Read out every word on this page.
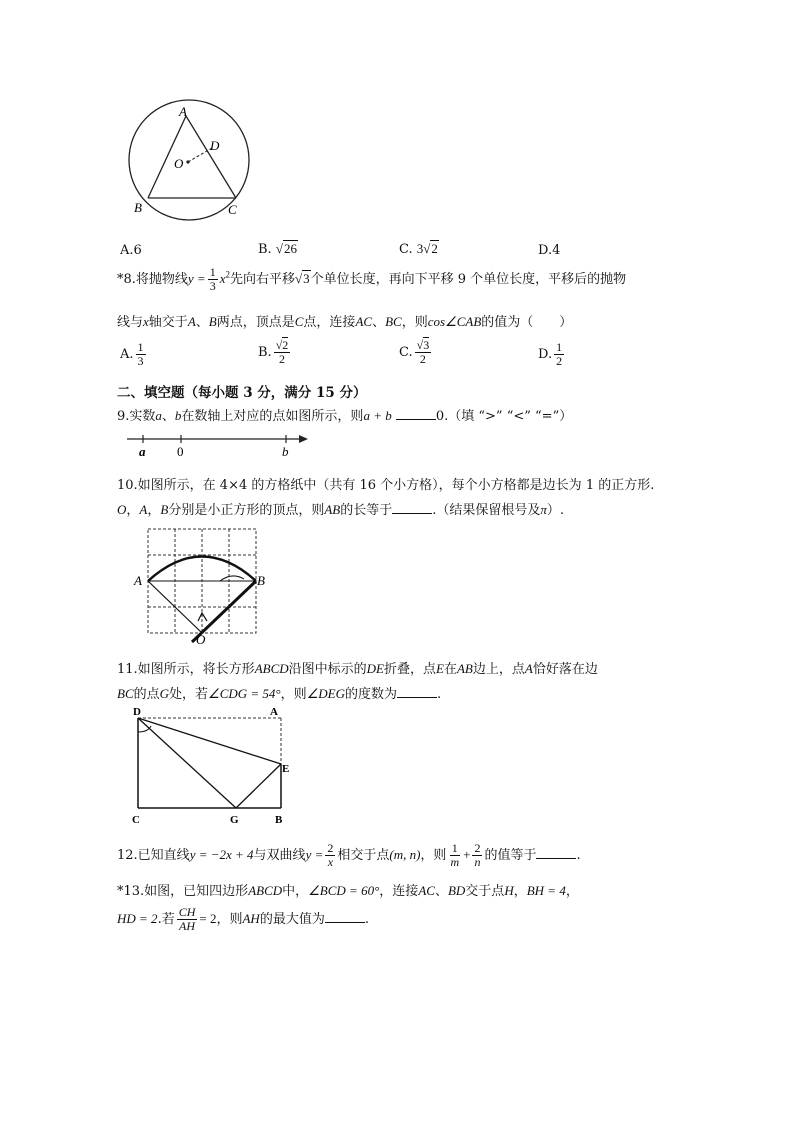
A
B	C
D
O
A.6	B. √26	C. 3√2	D.4
*8.将抛物线$y = \frac{1}{3} x^2$先向右平移√3个单位长度，再向下平移 9 个单位长度，平移后的抛物
线与x轴交于A、B两点，顶点是C点，连接AC、BC，则cos∠CAB的值为（　　）
A. $\frac{1}{3}$	B. $\frac{√2}{2}$	C. $\frac{√3}{2}$	D. $\frac{1}{2}$
二、填空题（每小题 3 分，满分 15 分）
9.实数a、b在数轴上对应的点如图所示，则a + b	0.（填 “>” “<” “=”）
a 0	b
10.如图所示，在 4×4 的方格纸中（共有 16 个小方格），每个小方格都是边长为 1 的正方形.
O，A，B分别是小正方形的顶点，则AB的长等于	.（结果保留根号及π）.
A	B
O
11.如图所示，将长方形ABCD沿图中标示的DE折叠，点E在AB边上，点A恰好落在边
BC的点G处，若∠CDG = 54°，则∠DEG的度数为	.
D	A
E
C	G	B
12.已知直线y = −2x + 4与双曲线$y = \frac{2}{x}$ 相交于点(m, n)，则 $\frac{1}{m} + \frac{2}{n}$ 的值等于	.
*13.如图，已知四边形ABCD中，∠BCD = 60°，连接AC、BD交于点H，BH = 4，
HD = 2.若 $\frac{CH}{AH} = 2$，则AH的最大值为	.
